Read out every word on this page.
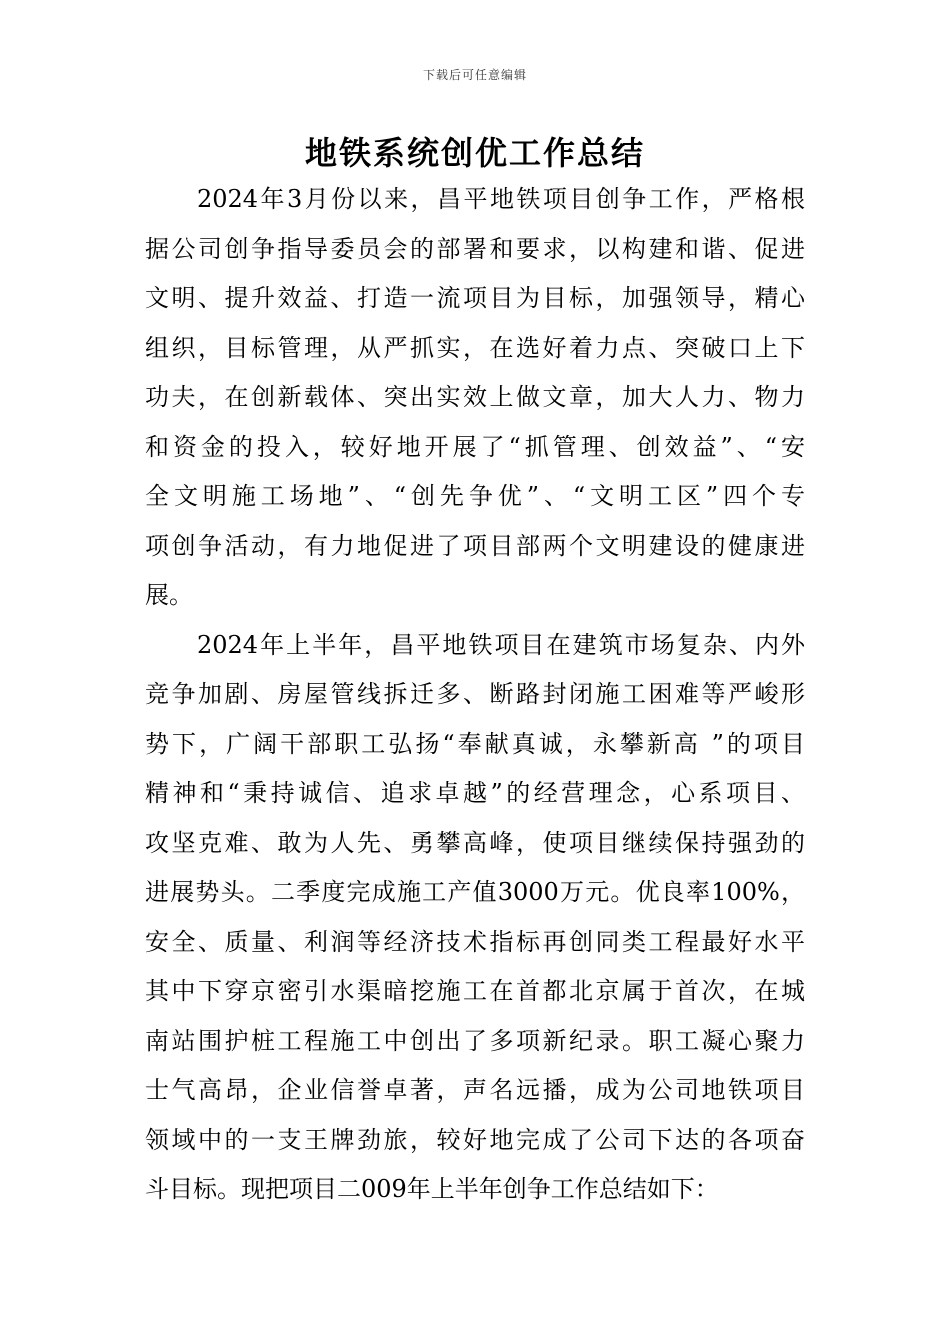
下载后可任意编辑
地铁系统创优工作总结

2024年3月份以来，昌平地铁项目创争工作，严格根
据公司创争指导委员会的部署和要求，以构建和谐、促进
文明、提升效益、打造一流项目为目标，加强领导，精心
组织，目标管理，从严抓实，在选好着力点、突破口上下
功夫，在创新载体、突出实效上做文章，加大人力、物力
和资金的投入，较好地开展了“抓管理、创效益”、“安
全文明施工场地”、“创先争优”、“文明工区”四个专
项创争活动，有力地促进了项目部两个文明建设的健康进
展。

2024年上半年，昌平地铁项目在建筑市场复杂、内外
竞争加剧、房屋管线拆迁多、断路封闭施工困难等严峻形
势下，广阔干部职工弘扬“奉献真诚，永攀新高 ”的项目
精神和“秉持诚信、追求卓越”的经营理念，心系项目、
攻坚克难、敢为人先、勇攀高峰，使项目继续保持强劲的
进展势头。二季度完成施工产值3000万元。优良率100%，
安全、质量、利润等经济技术指标再创同类工程最好水平
其中下穿京密引水渠暗挖施工在首都北京属于首次，在城
南站围护桩工程施工中创出了多项新纪录。职工凝心聚力
士气高昂，企业信誉卓著，声名远播，成为公司地铁项目
领域中的一支王牌劲旅，较好地完成了公司下达的各项奋
斗目标。现把项目二009年上半年创争工作总结如下：
